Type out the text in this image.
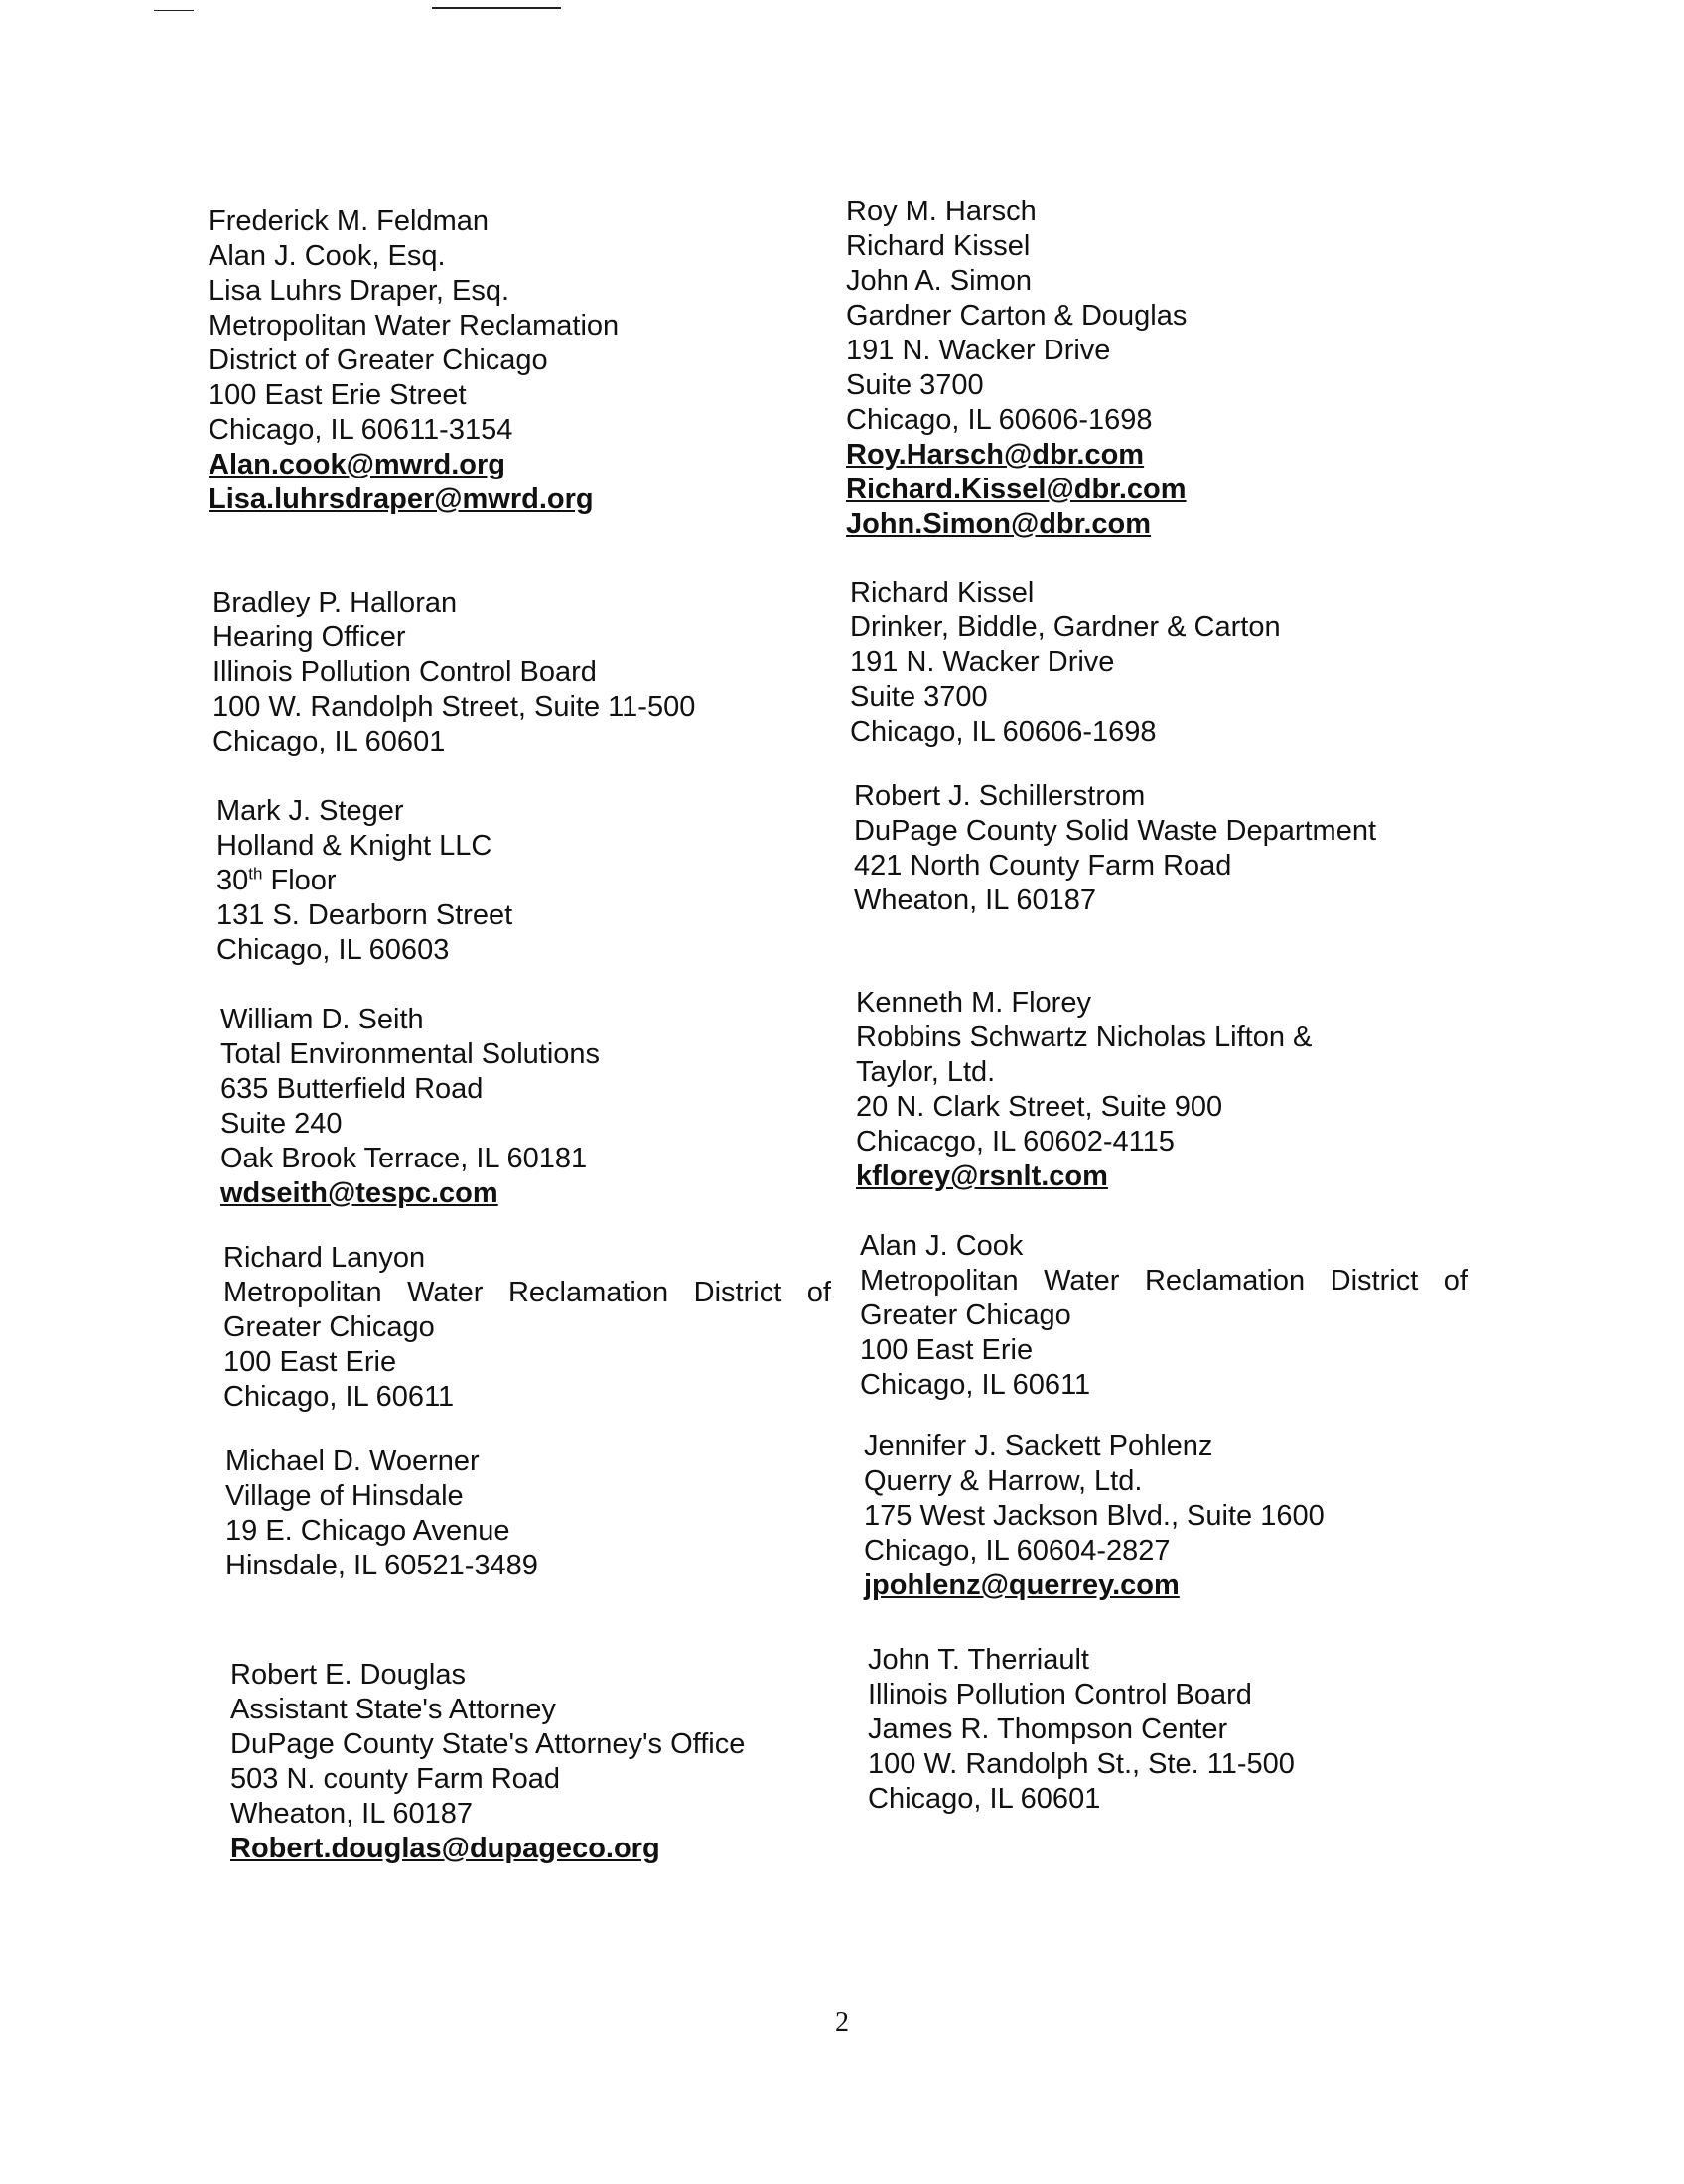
Frederick M. Feldman
Alan J. Cook, Esq.
Lisa Luhrs Draper, Esq.
Metropolitan Water Reclamation
District of Greater Chicago
100 East Erie Street
Chicago, IL 60611-3154
Alan.cook@mwrd.org
Lisa.luhrsdraper@mwrd.org
Bradley P. Halloran
Hearing Officer
Illinois Pollution Control Board
100 W. Randolph Street, Suite 11-500
Chicago, IL 60601
Mark J. Steger
Holland & Knight LLC
30th Floor
131 S. Dearborn Street
Chicago, IL 60603
William D. Seith
Total Environmental Solutions
635 Butterfield Road
Suite 240
Oak Brook Terrace, IL 60181
wdseith@tespc.com
Richard Lanyon
Metropolitan Water Reclamation District of
Greater Chicago
100 East Erie
Chicago, IL 60611
Michael D. Woerner
Village of Hinsdale
19 E. Chicago Avenue
Hinsdale, IL 60521-3489
Robert E. Douglas
Assistant State's Attorney
DuPage County State's Attorney's Office
503 N. county Farm Road
Wheaton, IL 60187
Robert.douglas@dupageco.org
Roy M. Harsch
Richard Kissel
John A. Simon
Gardner Carton & Douglas
191 N. Wacker Drive
Suite 3700
Chicago, IL 60606-1698
Roy.Harsch@dbr.com
Richard.Kissel@dbr.com
John.Simon@dbr.com
Richard Kissel
Drinker, Biddle, Gardner & Carton
191 N. Wacker Drive
Suite 3700
Chicago, IL 60606-1698
Robert J. Schillerstrom
DuPage County Solid Waste Department
421 North County Farm Road
Wheaton, IL 60187
Kenneth M. Florey
Robbins Schwartz Nicholas Lifton &
Taylor, Ltd.
20 N. Clark Street, Suite 900
Chicacgo, IL 60602-4115
kflorey@rsnlt.com
Alan J. Cook
Metropolitan Water Reclamation District of
Greater Chicago
100 East Erie
Chicago, IL 60611
Jennifer J. Sackett Pohlenz
Querry & Harrow, Ltd.
175 West Jackson Blvd., Suite 1600
Chicago, IL 60604-2827
jpohlenz@querrey.com
John T. Therriault
Illinois Pollution Control Board
James R. Thompson Center
100 W. Randolph St., Ste. 11-500
Chicago, IL 60601
2
